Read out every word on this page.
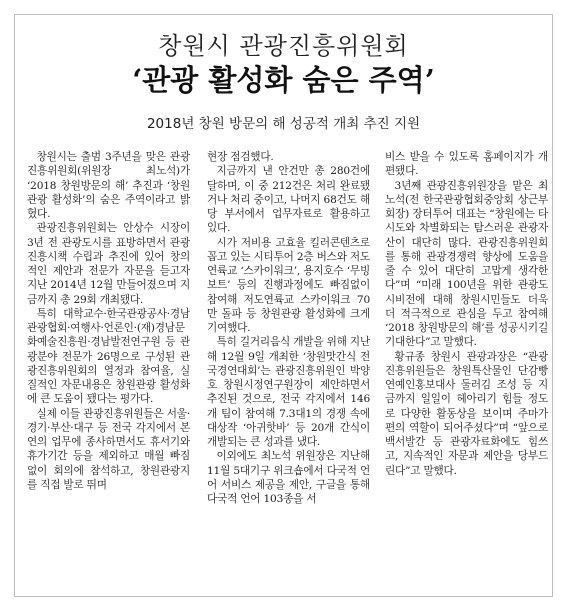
창원시 관광진흥위원회
‘관광 활성화 숨은 주역’
2018년 창원 방문의 해 성공적 개최 추진 지원

창원시는 출범 3주년을 맞은 관광진흥위원회(위원장 최노석)가 ‘2018 창원방문의 해’ 추진과 ‘창원관광 활성화’의 숨은 주역이라고 밝혔다.

관광진흥위원회는 안상수 시장이 3년 전 관광도시를 표방하면서 관광진흥시책 수립과 추진에 있어 창의적인 제안과 전문가 자문을 듣고자 지난 2014년 12월 만들어졌으며 지금까지 총 29회 개최됐다.

특히 대학교수·한국관광공사·경남관광협회·여행사·언론인·(재)경남문화예술진흥원·경남발전연구원 등 관광분야 전문가 26명으로 구성된 관광진흥위원회의 열정과 참여율, 실질적인 자문내용은 창원관광 활성화에 큰 도움이 됐다는 평가다.

실제 이들 관광진흥위원들은 서울·경기·부산·대구 등 전국 각지에서 본연의 업무에 종사하면서도 휴서기와 휴가기간 등을 제외하고 매월 빠짐없이 회의에 참석하고, 창원관광지를 직접 발로 뛰며

현장 점검했다.

지금까지 낸 안건만 총 280건에 달하며, 이 중 212건은 처리 완료됐거나 처리 중이고, 나머지 68건도 해당 부서에서 업무자료로 활용하고 있다.

시가 저비용 고효율 킬러콘텐츠로 꼽고 있는 시티투어 2층 버스와 저도연륙교 ‘스카이워크’, 용지호수 ‘무빙보트’ 등의 진행과정에도 빠짐없이 참여해 저도연륙교 스카이워크 70만 돌파 등 창원관광 활성화에 크게 기여했다.

특히 길거리음식 개발을 위해 지난 해 12월 9일 개최한 ‘창원맛간식 전국경연대회’는 관광진흥위원인 박양호 창원시정연구원장이 제안하면서 추진된 것으로, 전국 각지에서 146개 팀이 참여해 7.3대1의 경쟁 속에 대상작 ‘아귀핫바’ 등 20개 간식이 개발되는 큰 성과를 냈다.

이외에도 최노석 위원장은 지난해 11월 5대기구 위크숍에서 다국적 언어 서비스 제공을 제안, 구글을 통해 다국적 언어 103종을 서

비스 받을 수 있도록 홈페이지가 개편됐다.

3년째 관광진흥위원장을 맡은 최노석(전 한국관광협회중앙회 상근부회장) 장터투어 대표는 “창원에는 타 시도와 차별화되는 탐스러운 관광자산이 대단히 많다. 관광진흥위원회를 통해 관광경쟁력 향상에 도움을 줄 수 있어 대단히 고맙게 생각한다”며 “미래 100년을 위한 관광도시비전에 대해 창원시민들도 더욱 더 적극적으로 관심을 두고 참여해 ‘2018 창원방문의 해’를 성공시키길 기대한다”고 말했다.

황규종 창원시 관광과장은 “관광진흥위원들은 창원특산물인 단감빵 연예인홍보대사 둘러김 조성 등 지금까지 일일이 헤아리기 힘들 정도로 다양한 활동상을 보이며 주마가편의 역할이 되어주셨다”며 “앞으로 백서발간 등 관광자료화에도 힘쓰고, 지속적인 자문과 제안을 당부드린다”고 말했다.
